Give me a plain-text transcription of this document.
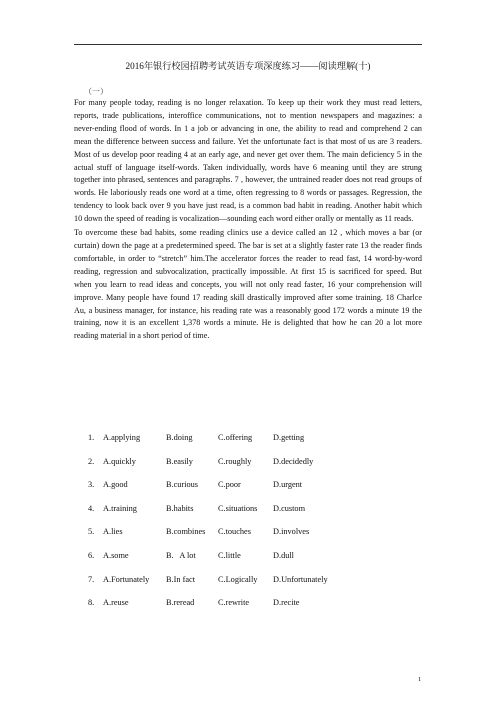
2016年银行校园招聘考试英语专项深度练习——阅读理解(十)
（一）

For many people today, reading is no longer relaxation. To keep up their work they must read letters, reports, trade publications, interoffice communications, not to mention newspapers and magazines: a never-ending flood of words. In 1 a job or advancing in one, the ability to read and comprehend 2 can mean the difference between success and failure. Yet the unfortunate fact is that most of us are 3 readers. Most of us develop poor reading 4 at an early age, and never get over them. The main deficiency 5 in the actual stuff of language itself-words. Taken individually, words have 6 meaning until they are strung together into phrased, sentences and paragraphs. 7 , however, the untrained reader does not read groups of words. He laboriously reads one word at a time, often regressing to 8 words or passages. Regression, the tendency to look back over 9 you have just read, is a common bad habit in reading. Another habit which 10 down the speed of reading is vocalization—sounding each word either orally or mentally as 11 reads.

To overcome these bad habits, some reading clinics use a device called an 12 , which moves a bar (or curtain) down the page at a predetermined speed. The bar is set at a slightly faster rate 13 the reader finds comfortable, in order to “stretch” him.The accelerator forces the reader to read fast, 14 word-by-word reading, regression and subvocalization, practically impossible. At first 15 is sacrificed for speed. But when you learn to read ideas and concepts, you will not only read faster, 16 your comprehension will improve. Many people have found 17 reading skill drastically improved after some training. 18 Charlce Au, a business manager, for instance, his reading rate was a reasonably good 172 words a minute 19 the training, now it is an excellent 1,378 words a minute. He is delighted that how he can 20 a lot more reading material in a short period of time.

1. A.applying	B.doing	C.offering	D.getting
2. A.quickly	B.easily	C.roughly	D.decidedly
3. A.good	B.curious C.poor	D.urgent
4. A.training	B.habits	C.situations D.custom
5. A.lies	B.combines C.touches	D.involves
6. A.some	B.   A lot	C.little	D.dull
7. A.Fortunately B.In fact	C.Logically D.Unfortunately
8. A.reuse	B.reread	C.rewrite	D.recite
1
